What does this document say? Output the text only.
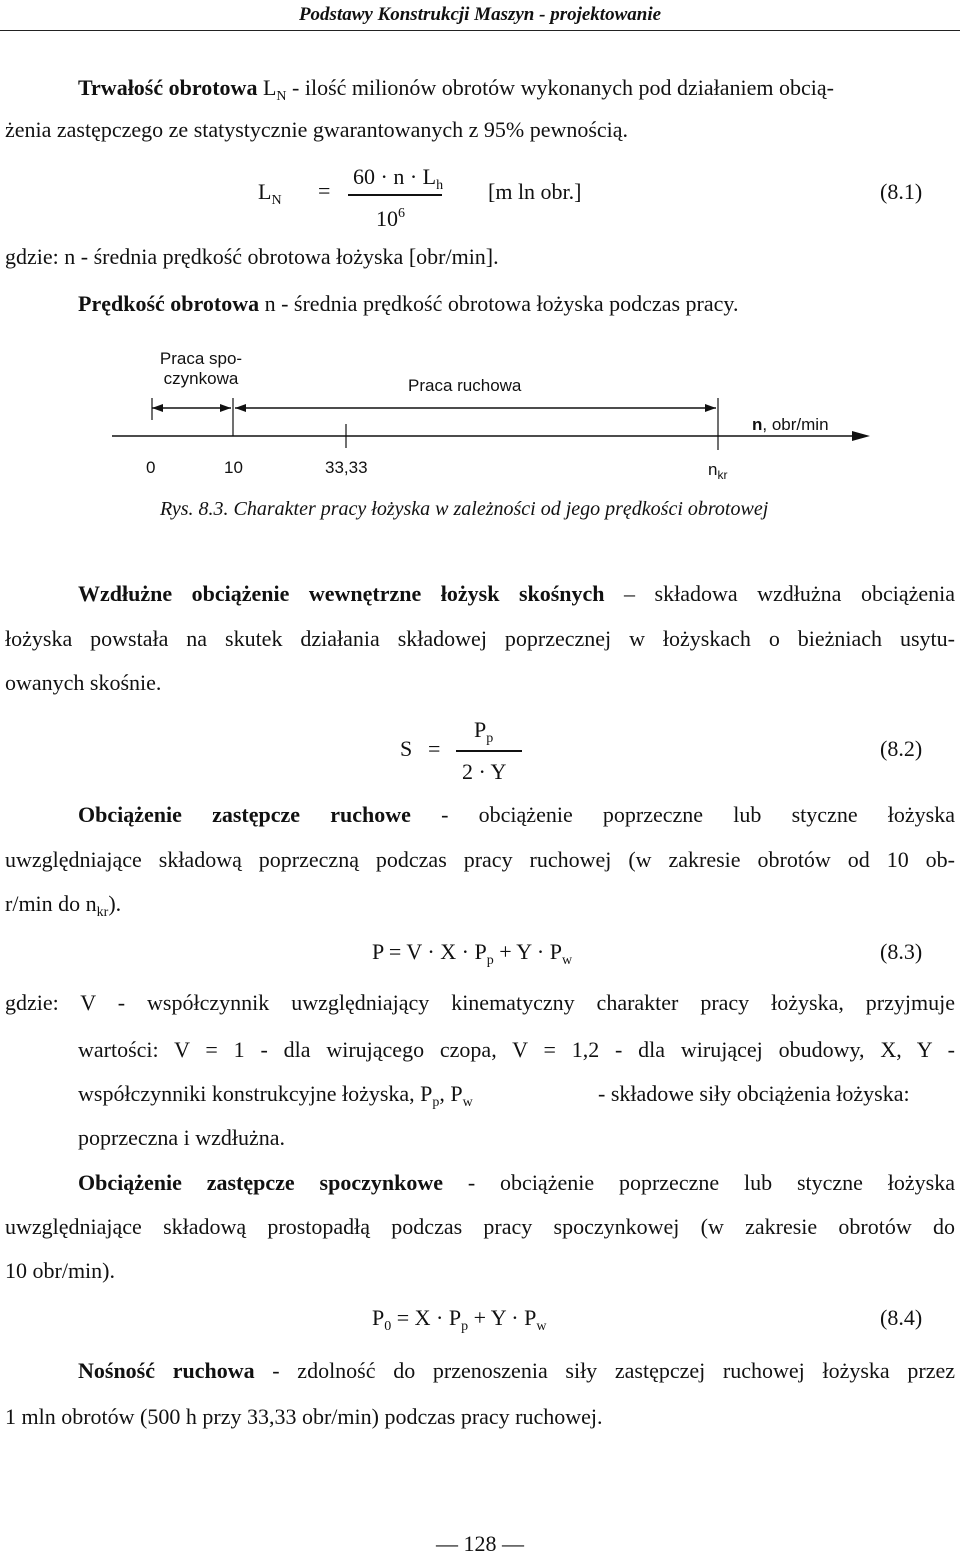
Podstawy Konstrukcji Maszyn - projektowanie
Trwałość obrotowa $L_N$ - ilość milionów obrotów wykonanych pod działaniem obcią-
żenia zastępczego ze statystycznie gwarantowanych z 95% pewnością.
$L_N$ =
$60 \cdot n \cdot L_h$
$10^6$
[m ln obr.]	(8.1)
gdzie: n - średnia prędkość obrotowa łożyska [obr/min].
Prędkość obrotowa n - średnia prędkość obrotowa łożyska podczas pracy.
Praca spo-
czynkowa	Praca ruchowa
n, obr/min
0	10	33,33	$n_{kr}$
Rys. 8.3. Charakter pracy łożyska w zależności od jego prędkości obrotowej
Wzdłużne obciążenie wewnętrzne łożysk skośnych – składowa wzdłużna obciążenia
łożyska powstała na skutek działania składowej poprzecznej w łożyskach o bieżniach usytu-
owanych skośnie.
S =
$P_p$
2 · Y
(8.2)
Obciążenie zastępcze ruchowe - obciążenie poprzeczne lub styczne łożyska
uwzględniające składową poprzeczną podczas pracy ruchowej (w zakresie obrotów od 10 ob-
r/min do $n_{kr}$).
$P = V \cdot X \cdot P_p + Y \cdot P_w$	(8.3)
gdzie: V - współczynnik uwzględniający kinematyczny charakter pracy łożyska, przyjmuje
wartości: V = 1 - dla wirującego czopa, V = 1,2 - dla wirującej obudowy, X, Y -
współczynniki konstrukcyjne łożyska, $P_p$, $P_w$	- składowe siły obciążenia łożyska:
poprzeczna i wzdłużna.
Obciążenie zastępcze spoczynkowe - obciążenie poprzeczne lub styczne łożyska
uwzględniające składową prostopadłą podczas pracy spoczynkowej (w zakresie obrotów do
10 obr/min).
$P_0 = X \cdot P_p + Y \cdot P_w$	(8.4)
Nośność ruchowa - zdolność do przenoszenia siły zastępczej ruchowej łożyska przez
1 mln obrotów (500 h przy 33,33 obr/min) podczas pracy ruchowej.
— 128 —
